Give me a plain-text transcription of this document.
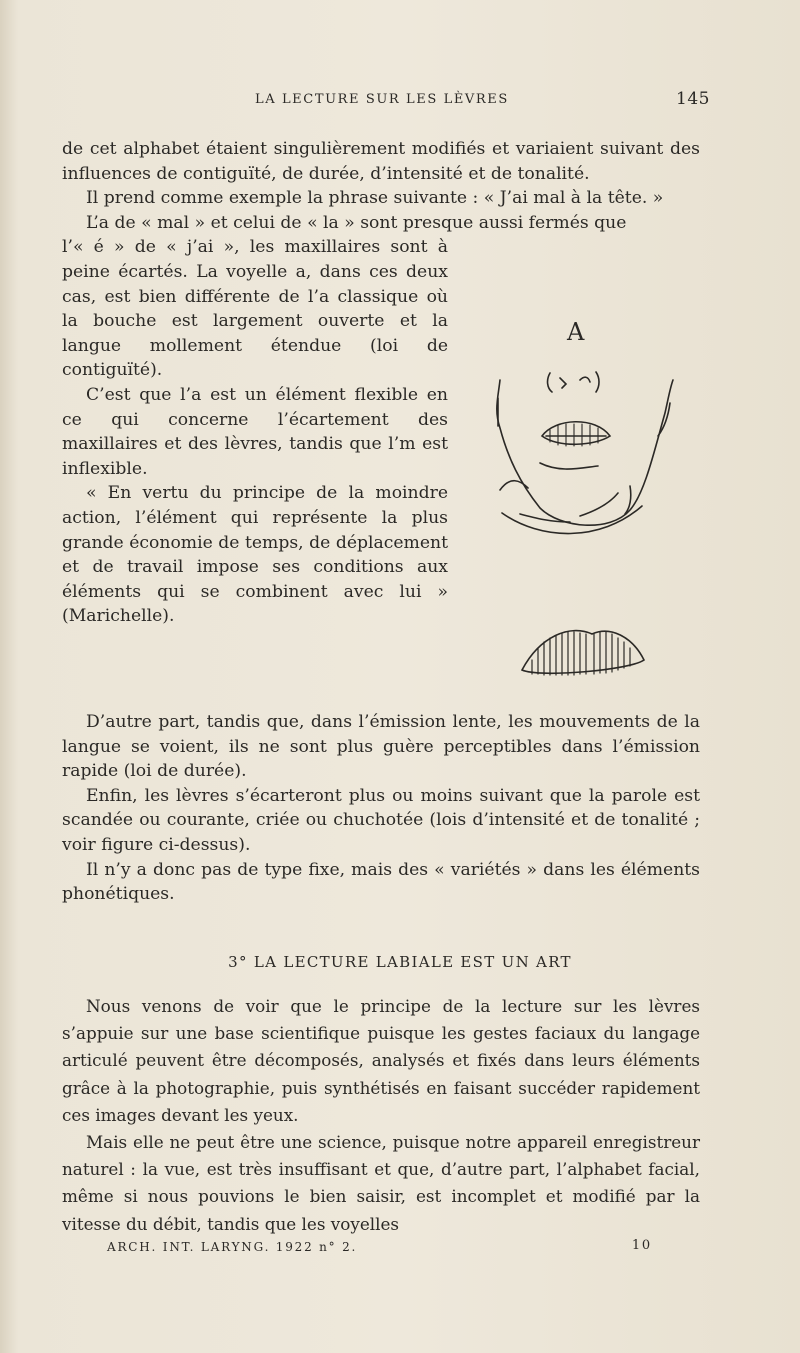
LA LECTURE SUR LES LÈVRES	145

de cet alphabet étaient singulièrement modifiés et variaient suivant des influences de contiguïté, de durée, d’intensité et de tonalité.

Il prend comme exemple la phrase suivante : « J’ai mal à la tête. »

L’a de « mal » et celui de « la » sont presque aussi fermés que

l’« é » de « j’ai », les maxillaires sont à peine écartés. La voyelle a, dans ces deux cas, est bien différente de l’a classique où la bouche est largement ouverte et la langue mollement étendue (loi de contiguïté).

C’est que l’a est un élément flexible en ce qui concerne l’écartement des maxillaires et des lèvres, tandis que l’m est inflexible.

« En vertu du principe de la moindre action, l’élément qui représente la plus grande économie de temps, de déplacement et de travail impose ses conditions aux éléments qui se combinent avec lui » (Marichelle).

A

D’autre part, tandis que, dans l’émission lente, les mouvements de la langue se voient, ils ne sont plus guère perceptibles dans l’émission rapide (loi de durée).

Enfin, les lèvres s’écarteront plus ou moins suivant que la parole est scandée ou courante, criée ou chuchotée (lois d’intensité et de tonalité ; voir figure ci-dessus).

Il n’y a donc pas de type fixe, mais des « variétés » dans les éléments phonétiques.

3° LA LECTURE LABIALE EST UN ART

Nous venons de voir que le principe de la lecture sur les lèvres s’appuie sur une base scientifique puisque les gestes faciaux du langage articulé peuvent être décomposés, analysés et fixés dans leurs éléments grâce à la photographie, puis synthétisés en faisant succéder rapidement ces images devant les yeux.

Mais elle ne peut être une science, puisque notre appareil enregistreur naturel : la vue, est très insuffisant et que, d’autre part, l’alphabet facial, même si nous pouvions le bien saisir, est incomplet et modifié par la vitesse du débit, tandis que les voyelles

ARCH. INT. LARYNG. 1922 n° 2.	10
